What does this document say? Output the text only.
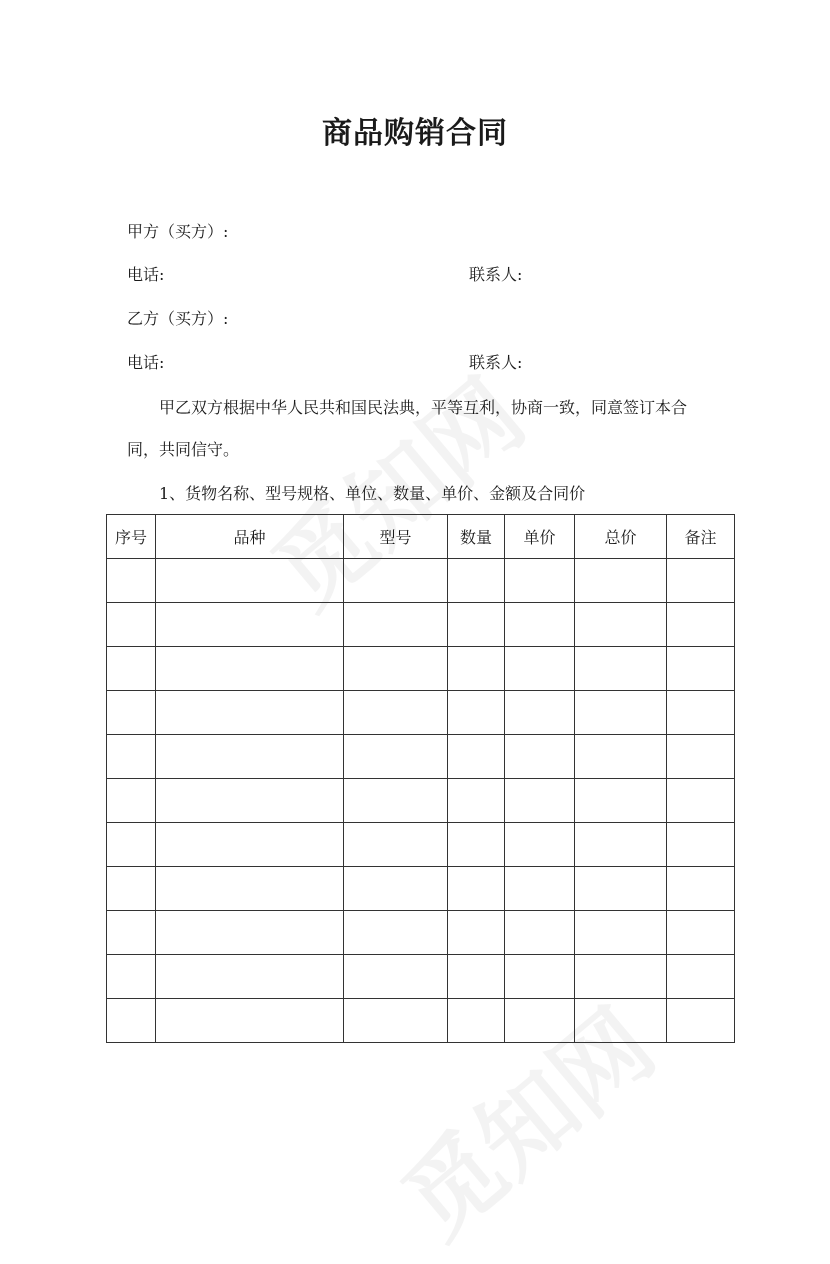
商品购销合同
甲方（买方）:
电话:	联系人:
乙方（买方）:
电话:	联系人:
甲乙双方根据中华人民共和国民法典，平等互利，协商一致，同意签订本合
同，共同信守。
1、货物名称、型号规格、单位、数量、单价、金额及合同价
序号	品种	型号	数量	单价	总价	备注
